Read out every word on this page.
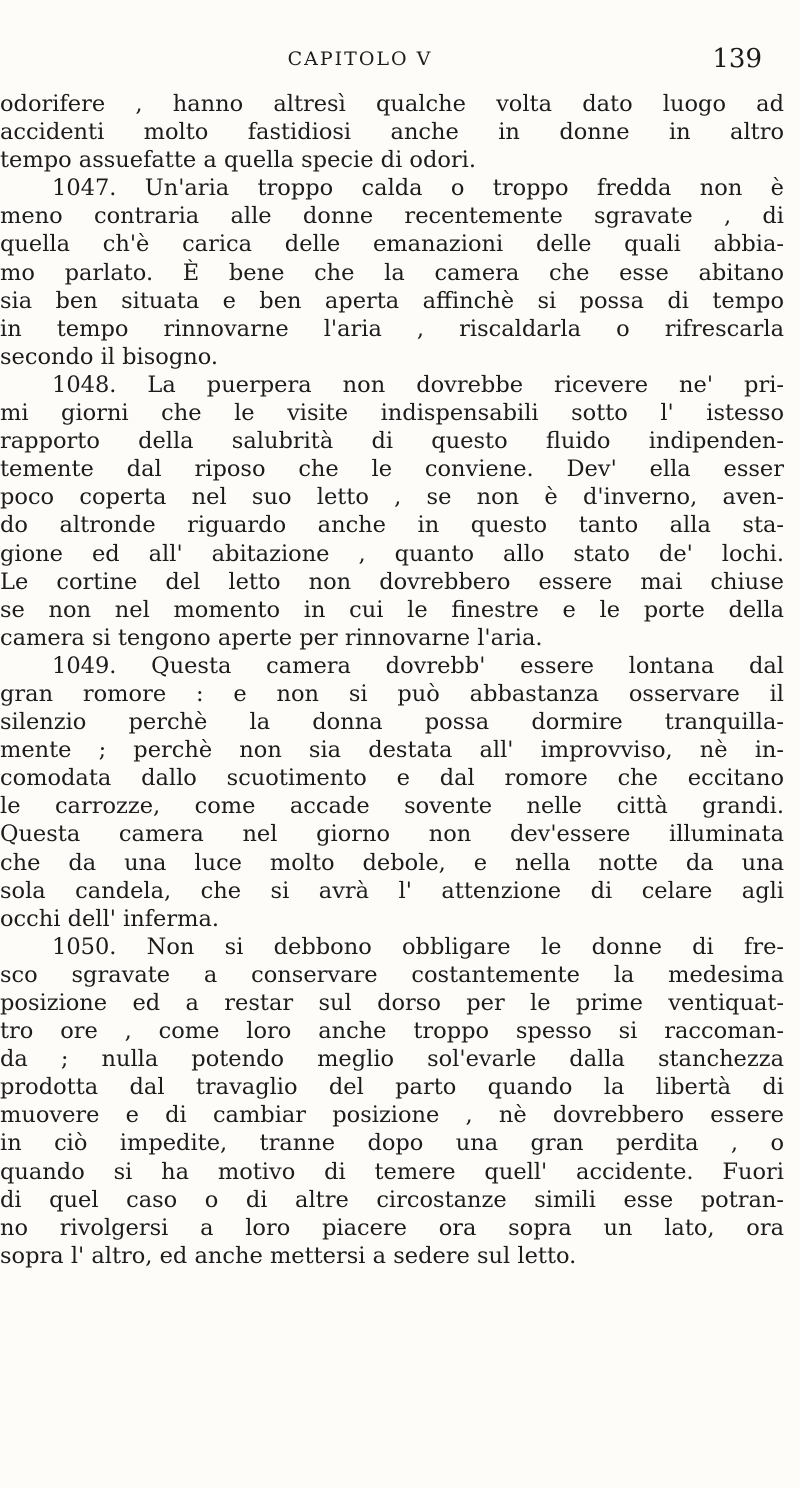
CAPITOLO V	139
odorifere , hanno altresì qualche volta dato luogo ad
accidenti molto fastidiosi anche in donne in altro
tempo assuefatte a quella specie di odori.
1047. Un'aria troppo calda o troppo fredda non è
meno contraria alle donne recentemente sgravate , di
quella ch'è carica delle emanazioni delle quali abbia-
mo parlato. È bene che la camera che esse abitano
sia ben situata e ben aperta affinchè si possa di tempo
in tempo rinnovarne l'aria , riscaldarla o rifrescarla
secondo il bisogno.
1048. La puerpera non dovrebbe ricevere ne' pri-
mi giorni che le visite indispensabili sotto l' istesso
rapporto della salubrità di questo fluido indipenden-
temente dal riposo che le conviene. Dev' ella esser
poco coperta nel suo letto , se non è d'inverno, aven-
do altronde riguardo anche in questo tanto alla sta-
gione ed all' abitazione , quanto allo stato de' lochi.
Le cortine del letto non dovrebbero essere mai chiuse
se non nel momento in cui le finestre e le porte della
camera si tengono aperte per rinnovarne l'aria.
1049. Questa camera dovrebb' essere lontana dal
gran romore : e non si può abbastanza osservare il
silenzio perchè la donna possa dormire tranquilla-
mente ; perchè non sia destata all' improvviso, nè in-
comodata dallo scuotimento e dal romore che eccitano
le carrozze, come accade sovente nelle città grandi.
Questa camera nel giorno non dev'essere illuminata
che da una luce molto debole, e nella notte da una
sola candela, che si avrà l' attenzione di celare agli
occhi dell' inferma.
1050. Non si debbono obbligare le donne di fre-
sco sgravate a conservare costantemente la medesima
posizione ed a restar sul dorso per le prime ventiquat-
tro ore , come loro anche troppo spesso si raccoman-
da ; nulla potendo meglio sol'evarle dalla stanchezza
prodotta dal travaglio del parto quando la libertà di
muovere e di cambiar posizione , nè dovrebbero essere
in ciò impedite, tranne dopo una gran perdita , o
quando si ha motivo di temere quell' accidente. Fuori
di quel caso o di altre circostanze simili esse potran-
no rivolgersi a loro piacere ora sopra un lato, ora
sopra l' altro, ed anche mettersi a sedere sul letto.
